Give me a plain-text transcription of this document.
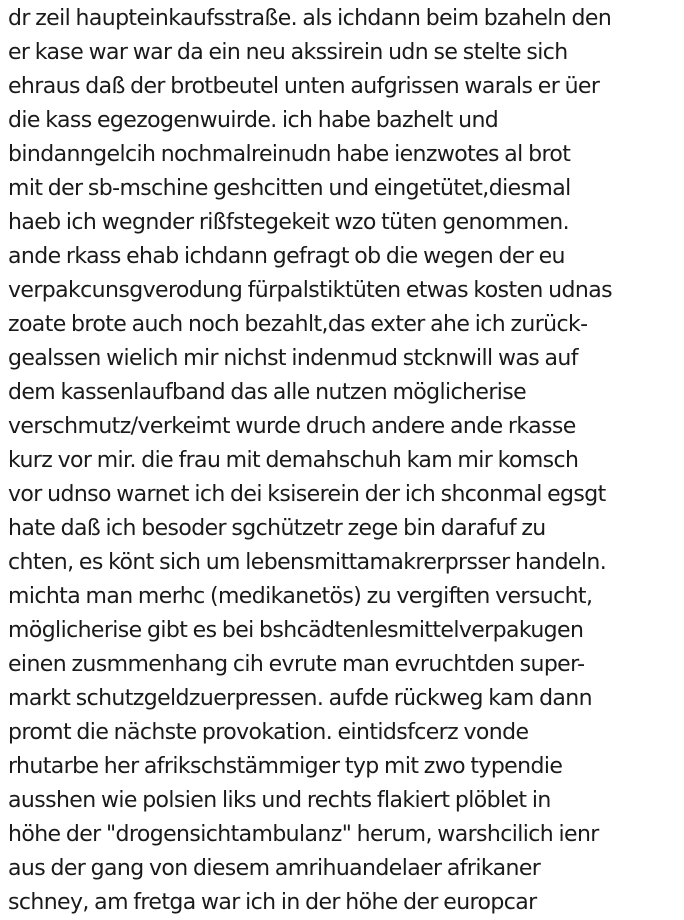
dr zeil haupteinkaufsstraße. als ichdann beim bzaheln den
er kase war war da ein neu akssirein udn se stelte sich
ehraus daß der brotbeutel unten aufgrissen warals er üer
die kass egezogenwuirde. ich habe bazhelt und
bindanngelcih nochmalreinudn habe ienzwotes al brot
mit der sb-mschine geshcitten und eingetütet,diesmal
haeb ich wegnder rißfstegekeit wzo tüten genommen.
ande rkass ehab ichdann gefragt ob die wegen der eu
verpakcunsgverodung fürpalstiktüten etwas kosten udnas
zoate brote auch noch bezahlt,das exter ahe ich zurück-
gealssen wielich mir nichst indenmud stcknwill was auf
dem kassenlaufband das alle nutzen möglicherise
verschmutz/verkeimt wurde druch andere ande rkasse
kurz vor mir. die frau mit demahschuh kam mir komsch
vor udnso warnet ich dei ksiserein der ich shconmal egsgt
hate daß ich besoder sgchützetr zege bin darafuf zu
chten, es könt sich um lebensmittamakrerprsser handeln.
michta man merhc (medikanetös) zu vergiften versucht,
möglicherise gibt es bei bshcädtenlesmittelverpakugen
einen zusmmenhang cih evrute man evruchtden super-
markt schutzgeldzuerpressen. aufde rückweg kam dann
promt die nächste provokation. eintidsfcerz vonde
rhutarbe her afrikschstämmiger typ mit zwo typendie
ausshen wie polsien liks und rechts flakiert plöblet in
höhe der "drogensichtambulanz" herum, warshcilich ienr
aus der gang von diesem amrihuandelaer afrikaner
schney, am fretga war ich in der höhe der europcar
